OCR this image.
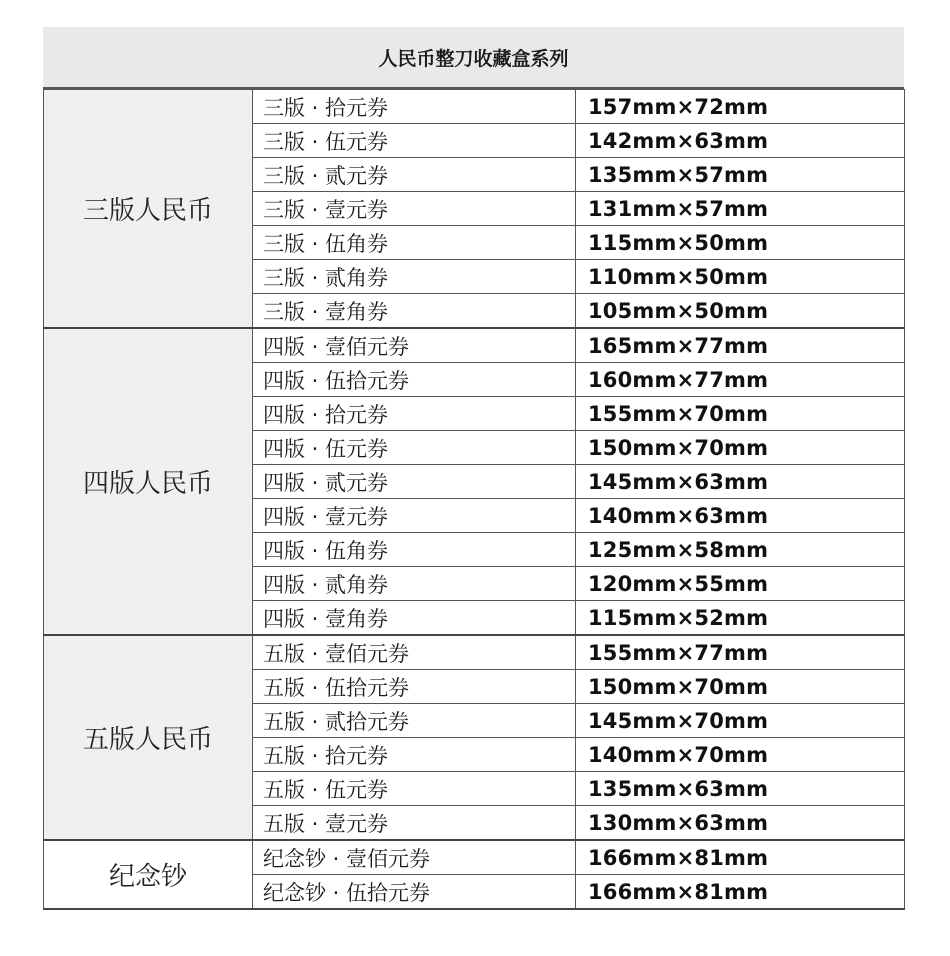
人民币整刀收藏盒系列
三版人民币	三版 · 拾元券	157mm×72mm
	三版 · 伍元券	142mm×63mm
	三版 · 贰元券	135mm×57mm
	三版 · 壹元券	131mm×57mm
	三版 · 伍角券	115mm×50mm
	三版 · 贰角券	110mm×50mm
	三版 · 壹角券	105mm×50mm
四版人民币	四版 · 壹佰元券	165mm×77mm
	四版 · 伍拾元券	160mm×77mm
	四版 · 拾元券	155mm×70mm
	四版 · 伍元券	150mm×70mm
	四版 · 贰元券	145mm×63mm
	四版 · 壹元券	140mm×63mm
	四版 · 伍角券	125mm×58mm
	四版 · 贰角券	120mm×55mm
	四版 · 壹角券	115mm×52mm
五版人民币	五版 · 壹佰元券	155mm×77mm
	五版 · 伍拾元券	150mm×70mm
	五版 · 贰拾元券	145mm×70mm
	五版 · 拾元券	140mm×70mm
	五版 · 伍元券	135mm×63mm
	五版 · 壹元券	130mm×63mm
纪念钞	纪念钞 · 壹佰元券	166mm×81mm
	纪念钞 · 伍拾元券	166mm×81mm
